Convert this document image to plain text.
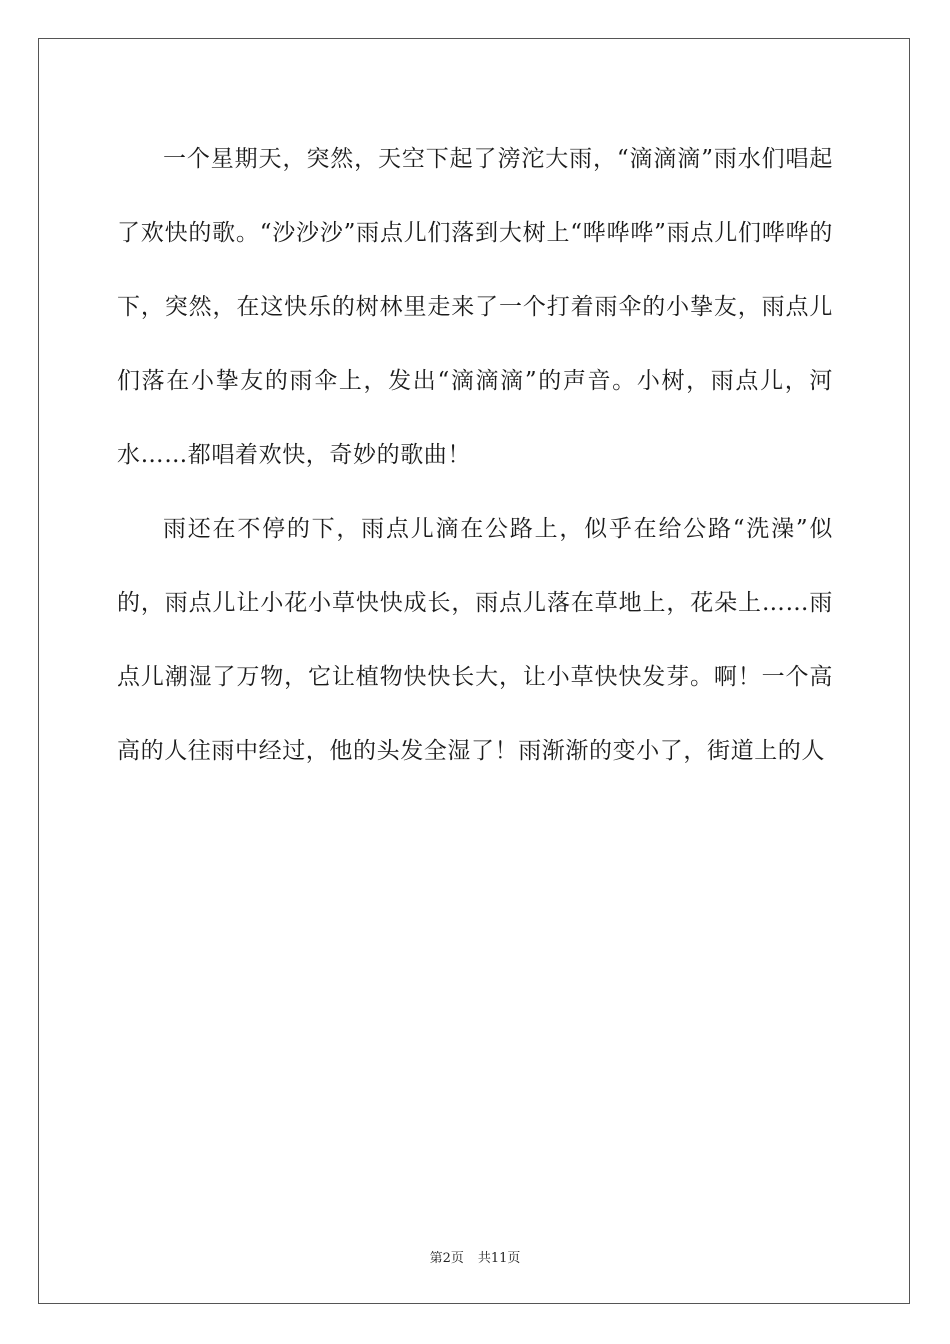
一个星期天，突然，天空下起了滂沱大雨，“滴滴滴”雨水们唱起了欢快的歌。“沙沙沙”雨点儿们落到大树上“哗哗哗”雨点儿们哗哗的下，突然，在这快乐的树林里走来了一个打着雨伞的小挚友，雨点儿们落在小挚友的雨伞上，发出“滴滴滴”的声音。小树，雨点儿，河水……都唱着欢快，奇妙的歌曲！

雨还在不停的下，雨点儿滴在公路上，似乎在给公路“洗澡”似的，雨点儿让小花小草快快成长，雨点儿落在草地上，花朵上……雨点儿潮湿了万物，它让植物快快长大，让小草快快发芽。啊！一个高高的人往雨中经过，他的头发全湿了！雨渐渐的变小了，街道上的人

第2页 共11页
